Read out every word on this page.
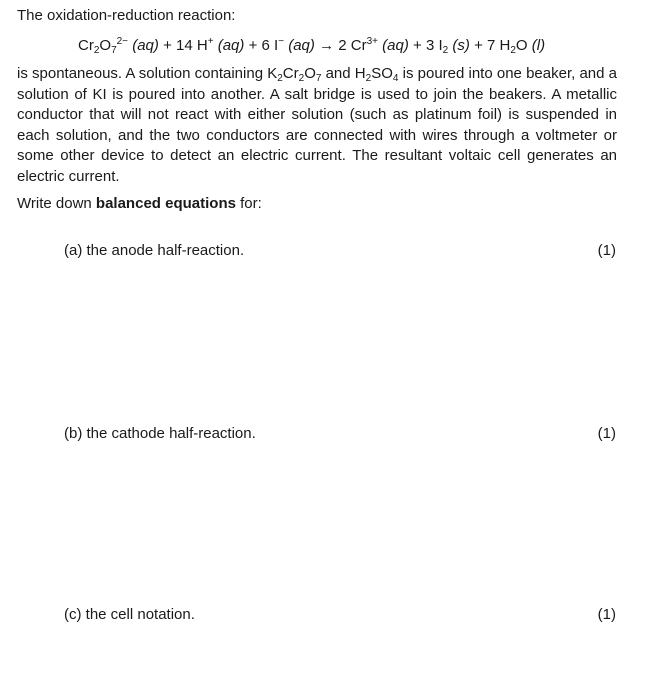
The oxidation-reduction reaction:
$Cr_2O_7^{2-}$ (aq) + 14 H+ (aq) + 6 I− (aq) → 2 $Cr^{3+}$ (aq) + 3 $I_2$ (s) + 7 $H_2O$ (l)

is spontaneous. A solution containing $K_2Cr_2O_7$ and $H_2SO_4$ is poured into one beaker, and a solution of KI is poured into another. A salt bridge is used to join the beakers. A metallic conductor that will not react with either solution (such as platinum foil) is suspended in each solution, and the two conductors are connected with wires through a voltmeter or some other device to detect an electric current. The resultant voltaic cell generates an electric current.

Write down balanced equations for:
(a) the anode half-reaction.	(1)
(b) the cathode half-reaction.	(1)
(c) the cell notation.	(1)
